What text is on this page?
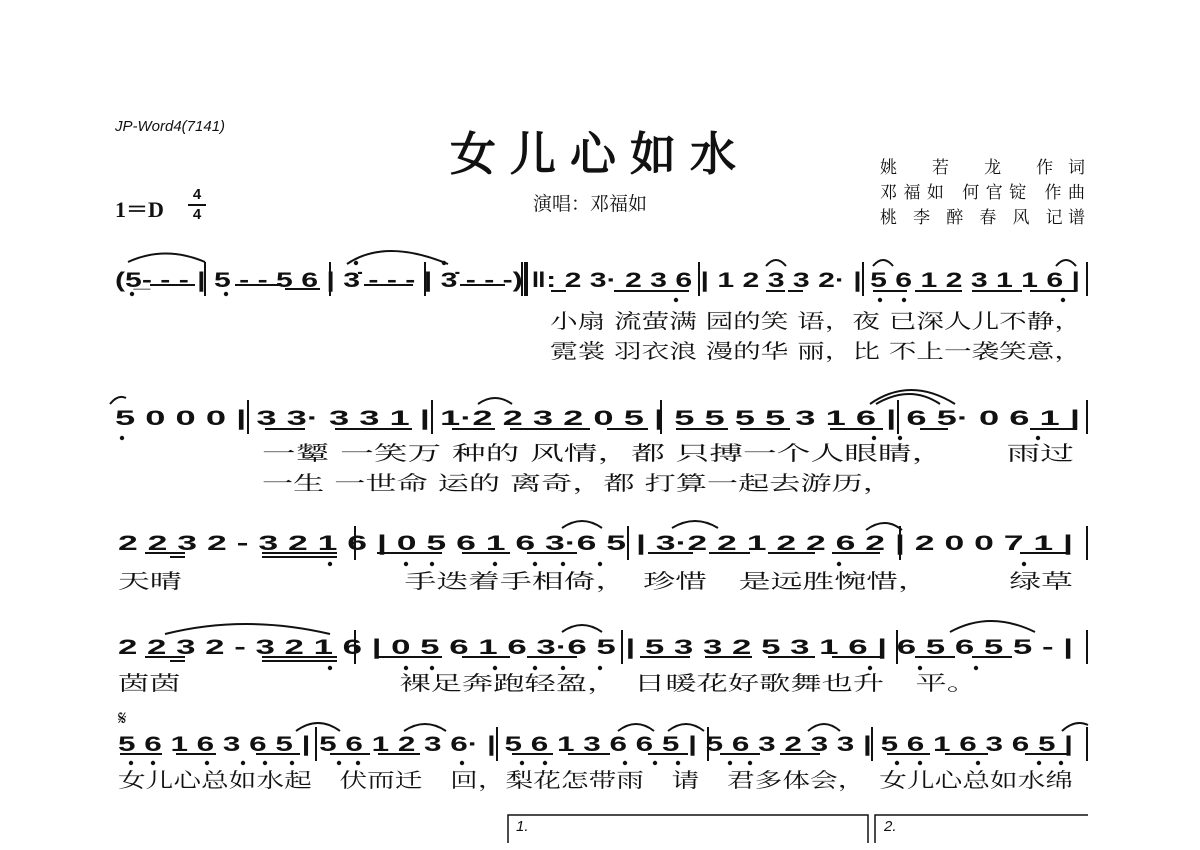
JP-Word4(7141)
女儿心如水
1＝D
4
4	演唱：邓福如
姚 若 龙 作词
邓福如 何官锭 作曲
桃 李 醉 春 风 记谱
(5̲- - - | 5 - - 5 6 | 3̇ - - - | 3̇ - - -) ‖: 2 3· 2 3 6 | 1 2 3 3 2· | 5 6 1 2 3 1 1 6 |
小扇 流萤满 园的笑 语，夜 已深人儿不静，
霓裳 羽衣浪 漫的华 丽，比 不上一袭笑意，
5 0 0 0 | 3 3· 3 3 1 | 1·2 2 3 2 0 5 | 5 5 5 5 3 1 6 | 6 5· 0 6 1 |
一颦 一笑万 种的 风情，都 只搏一个人眼睛，　　 雨过
一生 一世命 运的 离奇，都 打算一起去游历，
2 2 3 2 - 3 2 1 6 | 0 5 6 1 6 3·6 5 | 3·2 2 1 2 2 6 2 | 2 0 0 7 1 |
天晴　　　　　　　手迭着手相倚，　珍惜　是远胜惋惜，　　　绿草
2 2 3 2 - 3 2 1 6 | 0 5 6 1 6 3·6 5 | 5 3 3 2 5 3 1 6 | 6 5 6 5 5 - |
茵茵　　　　　　　裸足奔跑轻盈，　日暖花好歌舞也升　平。
𝄋
5 6 1 6 3 6 5 | 5 6 1 2 3 6· | 5 6 1 3 6 6 5 | 5 6 3 2 3 3 | 5 6 1 6 3 6 5 |
女儿心总如水起　伏而迁　回，梨花怎带雨　请　君多体会，　女儿心总如水绵
1.	2.
